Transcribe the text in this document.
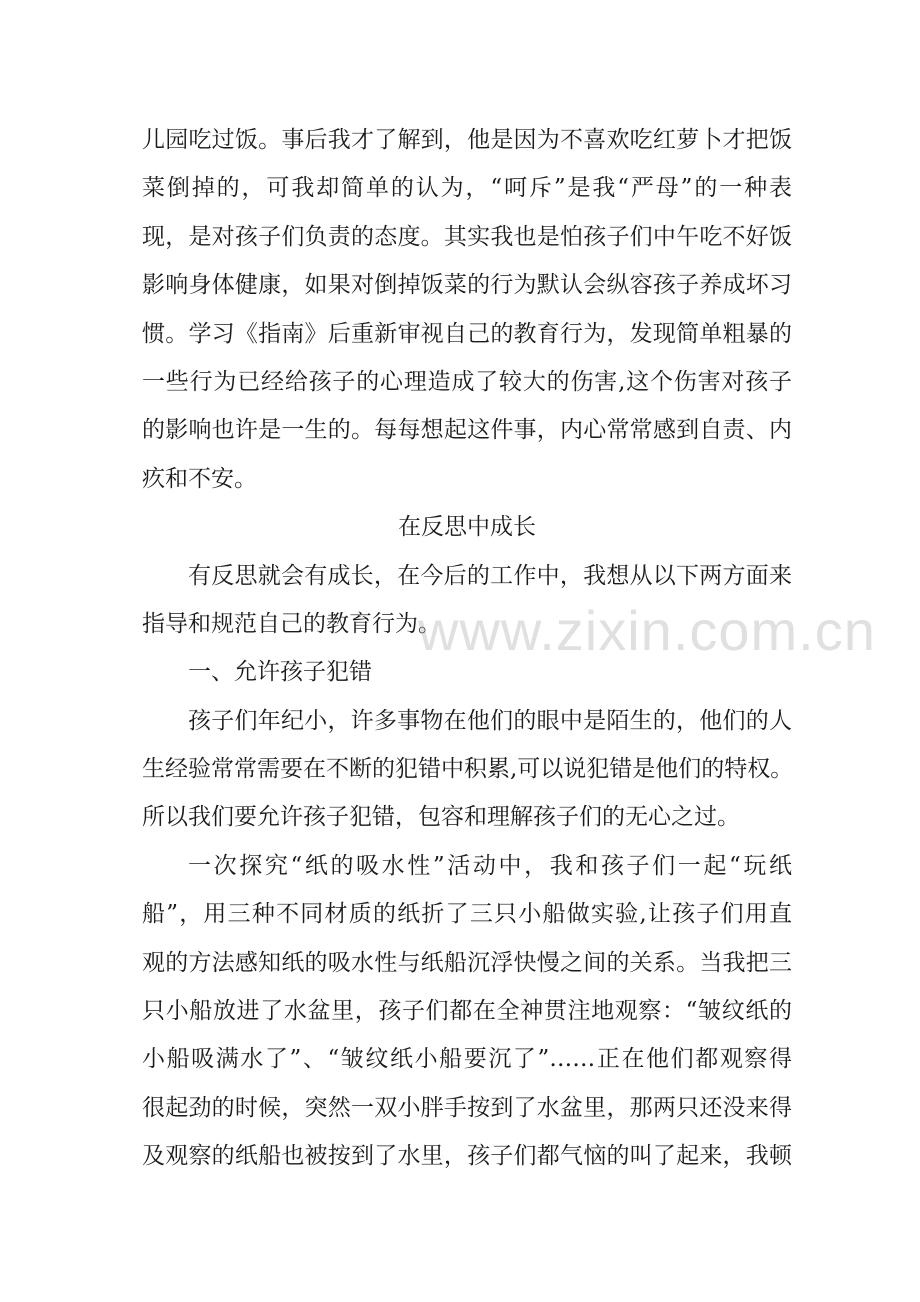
儿园吃过饭。事后我才了解到，他是因为不喜欢吃红萝卜才把饭
菜倒掉的，可我却简单的认为，“呵斥”是我“严母”的一种表
现，是对孩子们负责的态度。其实我也是怕孩子们中午吃不好饭
影响身体健康，如果对倒掉饭菜的行为默认会纵容孩子养成坏习
惯。学习《指南》后重新审视自己的教育行为，发现简单粗暴的
一些行为已经给孩子的心理造成了较大的伤害,这个伤害对孩子
的影响也许是一生的。每每想起这件事，内心常常感到自责、内
疚和不安。
在反思中成长
有反思就会有成长，在今后的工作中，我想从以下两方面来
指导和规范自己的教育行为。
一、允许孩子犯错
孩子们年纪小，许多事物在他们的眼中是陌生的，他们的人
生经验常常需要在不断的犯错中积累,可以说犯错是他们的特权。
所以我们要允许孩子犯错，包容和理解孩子们的无心之过。
一次探究“纸的吸水性”活动中，我和孩子们一起“玩纸
船”，用三种不同材质的纸折了三只小船做实验,让孩子们用直
观的方法感知纸的吸水性与纸船沉浮快慢之间的关系。当我把三
只小船放进了水盆里，孩子们都在全神贯注地观察：“皱纹纸的
小船吸满水了”、“皱纹纸小船要沉了”……正在他们都观察得
很起劲的时候，突然一双小胖手按到了水盆里，那两只还没来得
及观察的纸船也被按到了水里，孩子们都气恼的叫了起来，我顿
www.zixin.com.cn
